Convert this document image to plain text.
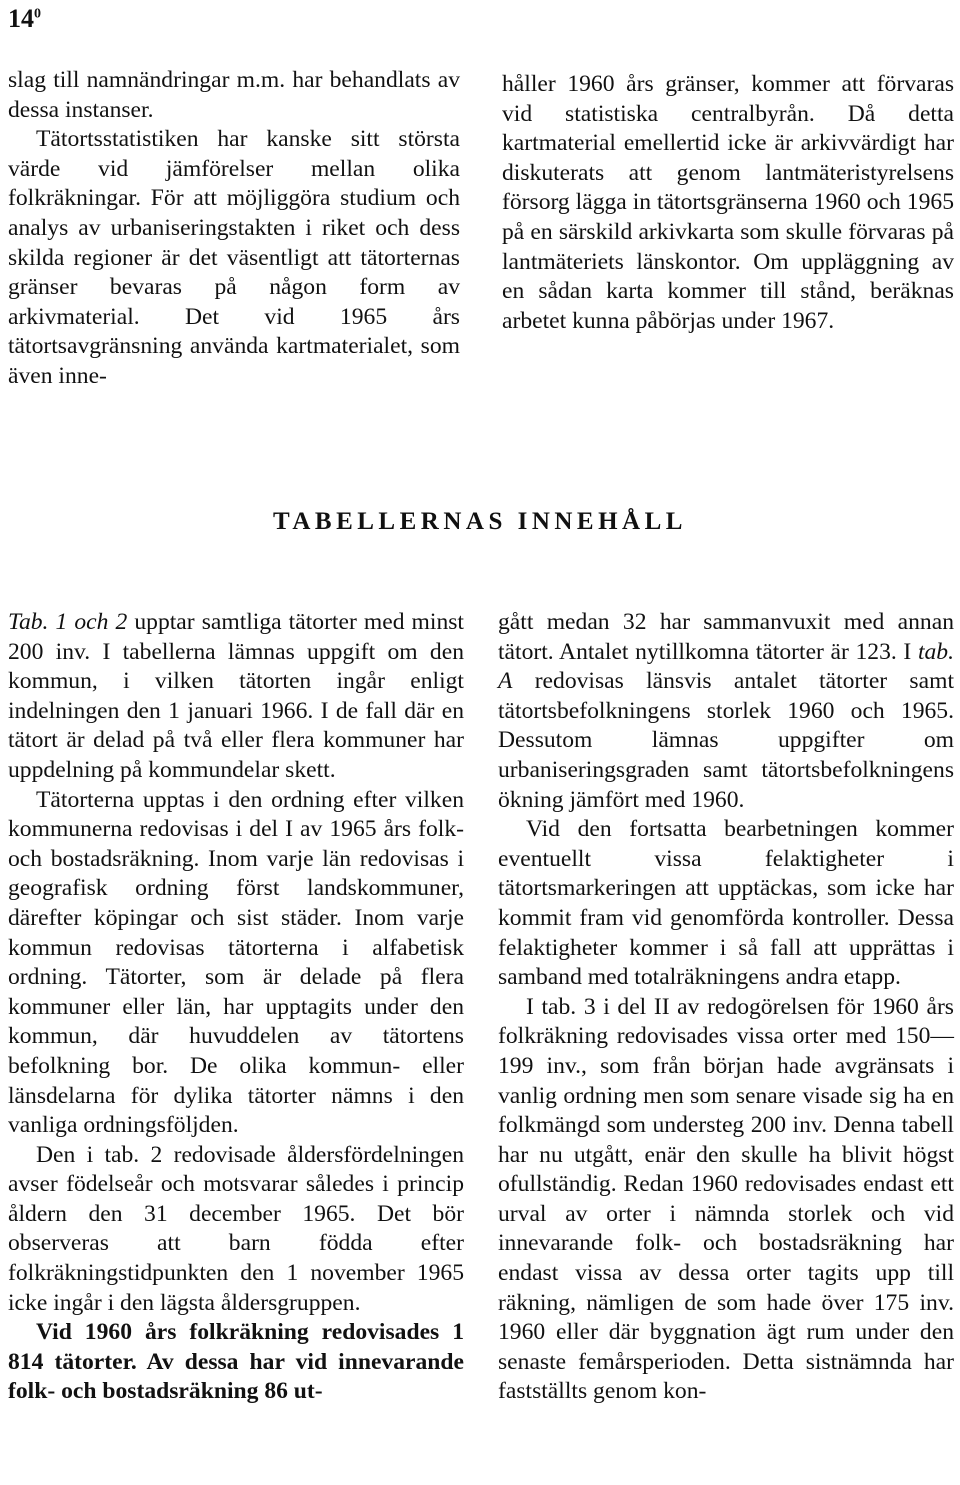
$14^0$

slag till namnändringar m.m. har behandlats av dessa instanser.

Tätortsstatistiken har kanske sitt största värde vid jämförelser mellan olika folkräkningar. För att möjliggöra studium och analys av urbaniseringstakten i riket och dess skilda regioner är det väsentligt att tätorternas gränser bevaras på någon form av arkivmaterial. Det vid 1965 års tätortsavgränsning använda kartmaterialet, som även inne-

håller 1960 års gränser, kommer att förvaras vid statistiska centralbyrån. Då detta kartmaterial emellertid icke är arkivvärdigt har diskuterats att genom lantmäteristyrelsens försorg lägga in tätortsgränserna 1960 och 1965 på en särskild arkivkarta som skulle förvaras på lantmäteriets länskontor. Om uppläggning av en sådan karta kommer till stånd, beräknas arbetet kunna påbörjas under 1967.

TABELLERNAS INNEHÅLL

Tab. 1 och 2 upptar samtliga tätorter med minst 200 inv. I tabellerna lämnas uppgift om den kommun, i vilken tätorten ingår enligt indelningen den 1 januari 1966. I de fall där en tätort är delad på två eller flera kommuner har uppdelning på kommundelar skett.

Tätorterna upptas i den ordning efter vilken kommunerna redovisas i del I av 1965 års folk- och bostadsräkning. Inom varje län redovisas i geografisk ordning först landskommuner, därefter köpingar och sist städer. Inom varje kommun redovisas tätorterna i alfabetisk ordning. Tätorter, som är delade på flera kommuner eller län, har upptagits under den kommun, där huvuddelen av tätortens befolkning bor. De olika kommun- eller länsdelarna för dylika tätorter nämns i den vanliga ordningsföljden.

Den i tab. 2 redovisade åldersfördelningen avser födelseår och motsvarar således i princip åldern den 31 december 1965. Det bör observeras att barn födda efter folkräkningstidpunkten den 1 november 1965 icke ingår i den lägsta åldersgruppen.

Vid 1960 års folkräkning redovisades 1 814 tätorter. Av dessa har vid innevarande folk- och bostadsräkning 86 ut-

gått medan 32 har sammanvuxit med annan tätort. Antalet nytillkomna tätorter är 123. I tab. A redovisas länsvis antalet tätorter samt tätortsbefolkningens storlek 1960 och 1965. Dessutom lämnas uppgifter om urbaniseringsgraden samt tätortsbefolkningens ökning jämfört med 1960.

Vid den fortsatta bearbetningen kommer eventuellt vissa felaktigheter i tätortsmarkeringen att upptäckas, som icke har kommit fram vid genomförda kontroller. Dessa felaktigheter kommer i så fall att upprättas i samband med totalräkningens andra etapp.

I tab. 3 i del II av redogörelsen för 1960 års folkräkning redovisades vissa orter med 150—199 inv., som från början hade avgränsats i vanlig ordning men som senare visade sig ha en folkmängd som understeg 200 inv. Denna tabell har nu utgått, enär den skulle ha blivit högst ofullständig. Redan 1960 redovisades endast ett urval av orter i nämnda storlek och vid innevarande folk- och bostadsräkning har endast vissa av dessa orter tagits upp till räkning, nämligen de som hade över 175 inv. 1960 eller där byggnation ägt rum under den senaste femårsperioden. Detta sistnämnda har fastställts genom kon-
